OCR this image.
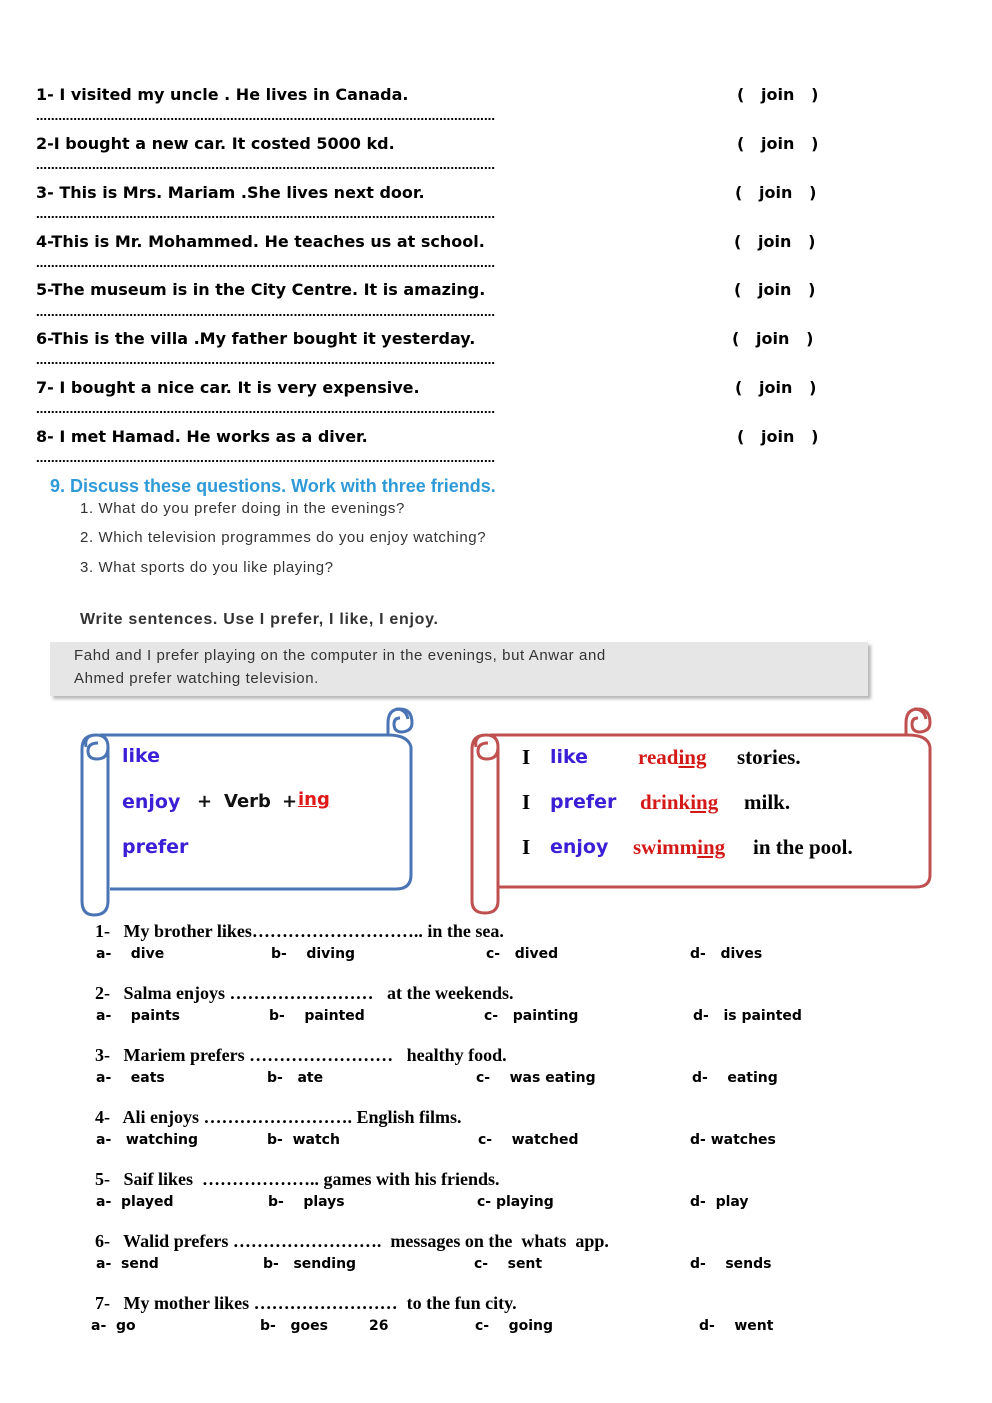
1- I visited my uncle . He lives in Canada.	(   join   )
……………………………………………………………………………………………………………
2-I bought a new car. It costed 5000 kd.	(   join   )
……………………………………………………………………………………………………………
3- This is Mrs. Mariam .She lives next door.	(   join   )
……………………………………………………………………………………………………………
4-This is Mr. Mohammed. He teaches us at school.	(   join   )
……………………………………………………………………………………………………………
5-The museum is in the City Centre. It is amazing.	(   join   )
……………………………………………………………………………………………………………
6-This is the villa .My father bought it yesterday.	(   join   )
……………………………………………………………………………………………………………
7- I bought a nice car. It is very expensive.	(   join   )
……………………………………………………………………………………………………………
8- I met Hamad. He works as a diver.	(   join   )
……………………………………………………………………………………………………………
9. Discuss these questions. Work with three friends.
1. What do you prefer doing in the evenings?
2. Which television programmes do you enjoy watching?
3. What sports do you like playing?
Write sentences. Use I prefer, I like, I enjoy.
Fahd and I prefer playing on the computer in the evenings, but Anwar and
Ahmed prefer watching television.
like
enjoy + Verb + ing
prefer
I like reading stories.
I prefer drinking milk.
I enjoy swimming in the pool.
1-   My brother likes……………………….. in the sea.
a-    dive	b-    diving	c-   dived	d-   dives
2-   Salma enjoys ……………………   at the weekends.
a-    paints	b-    painted	c-   painting	d-   is painted
3-   Mariem prefers ……………………   healthy food.
a-    eats	b-   ate	c-    was eating	d-    eating
4-   Ali enjoys ……………………. English films.
a-   watching	b-  watch	c-    watched	d- watches
5-   Saif likes  ……………….. games with his friends.
a-  played	b-    plays	c- playing	d-  play
6-   Walid prefers …………………….  messages on the  whats  app.
a-  send	b-   sending	c-    sent	d-    sends
7-   My mother likes ……………………  to the fun city.
a-  go	b-   goes	26	c-    going	d-    went
